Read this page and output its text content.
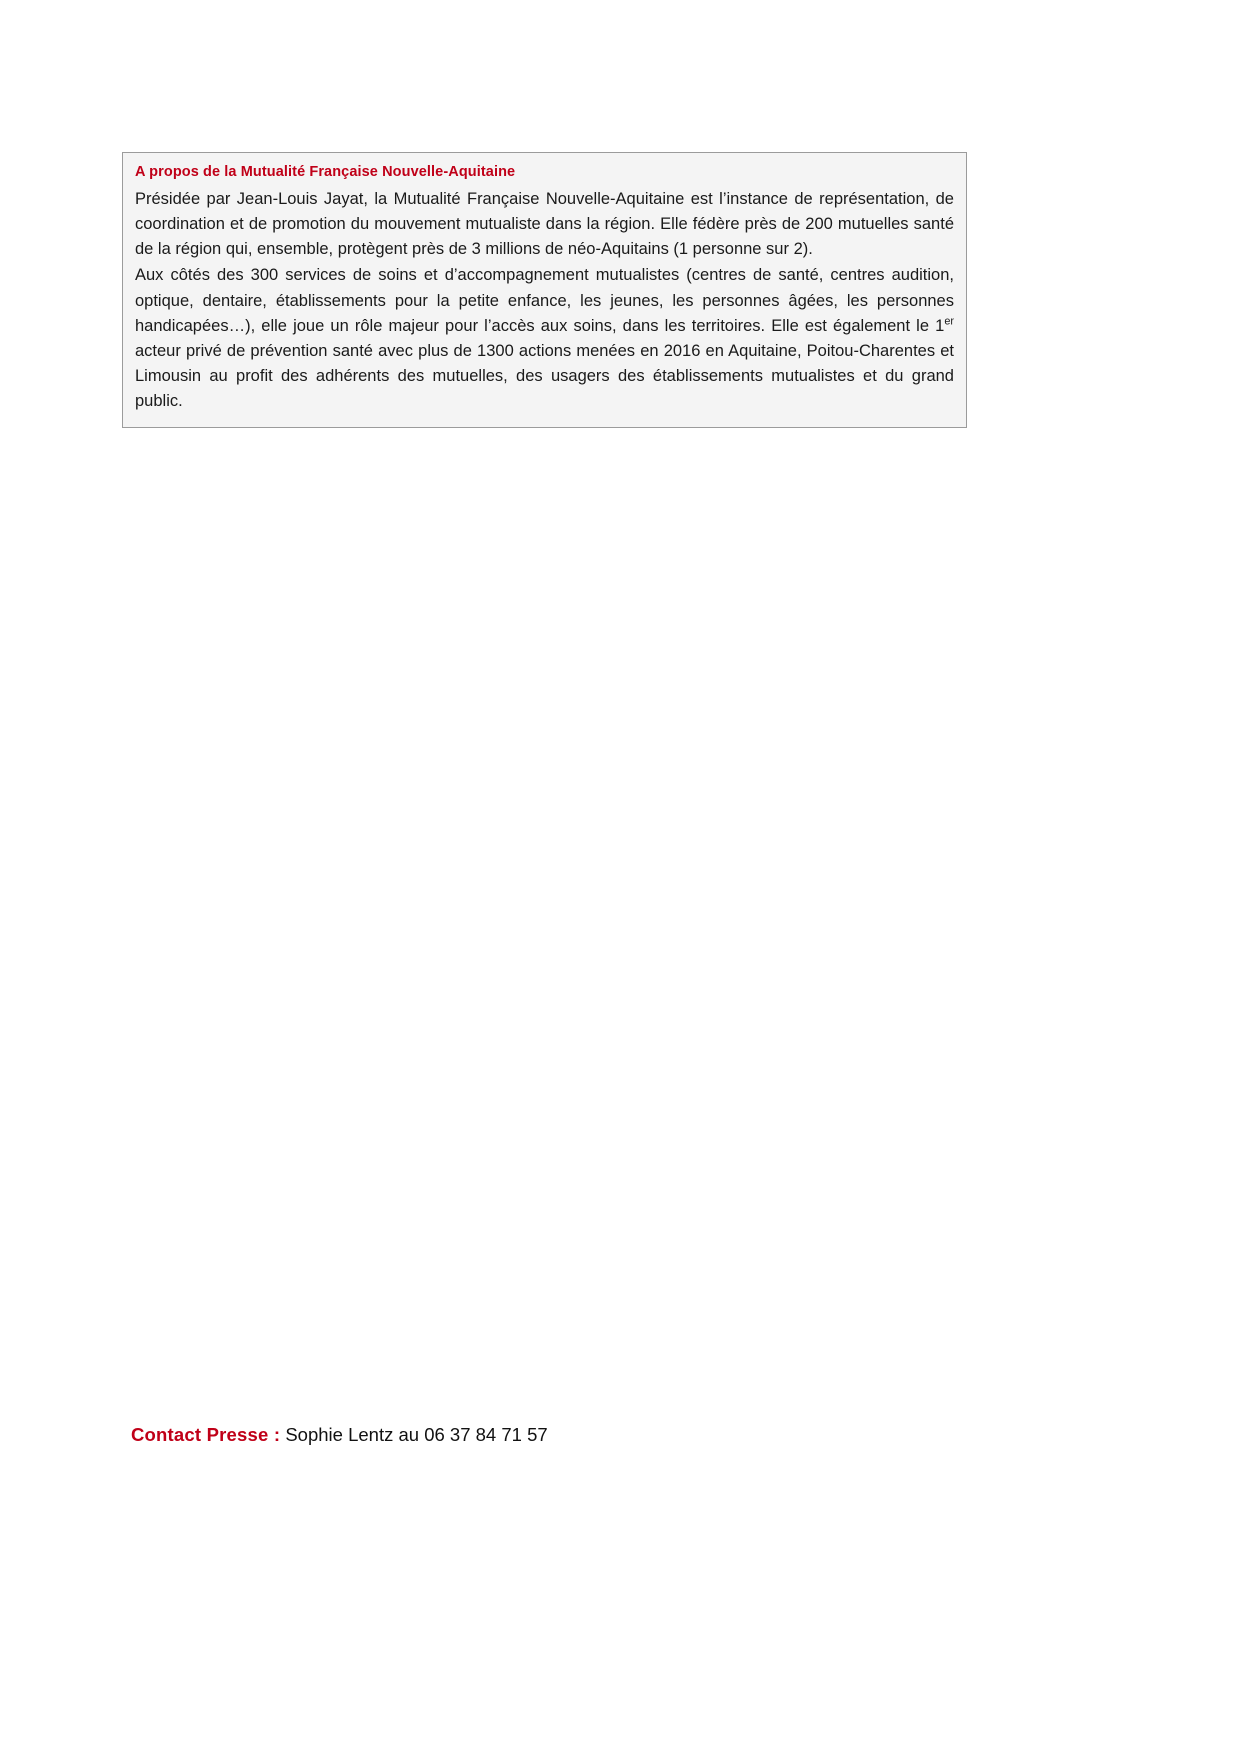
A propos de la Mutualité Française Nouvelle-Aquitaine

Présidée par Jean-Louis Jayat, la Mutualité Française Nouvelle-Aquitaine est l’instance de représentation, de coordination et de promotion du mouvement mutualiste dans la région. Elle fédère près de 200 mutuelles santé de la région qui, ensemble, protègent près de 3 millions de néo-Aquitains (1 personne sur 2).

Aux côtés des 300 services de soins et d’accompagnement mutualistes (centres de santé, centres audition, optique, dentaire, établissements pour la petite enfance, les jeunes, les personnes âgées, les personnes handicapées…), elle joue un rôle majeur pour l’accès aux soins, dans les territoires. Elle est également le 1er acteur privé de prévention santé avec plus de 1300 actions menées en 2016 en Aquitaine, Poitou-Charentes et Limousin au profit des adhérents des mutuelles, des usagers des établissements mutualistes et du grand public.

Contact Presse : Sophie Lentz au 06 37 84 71 57
